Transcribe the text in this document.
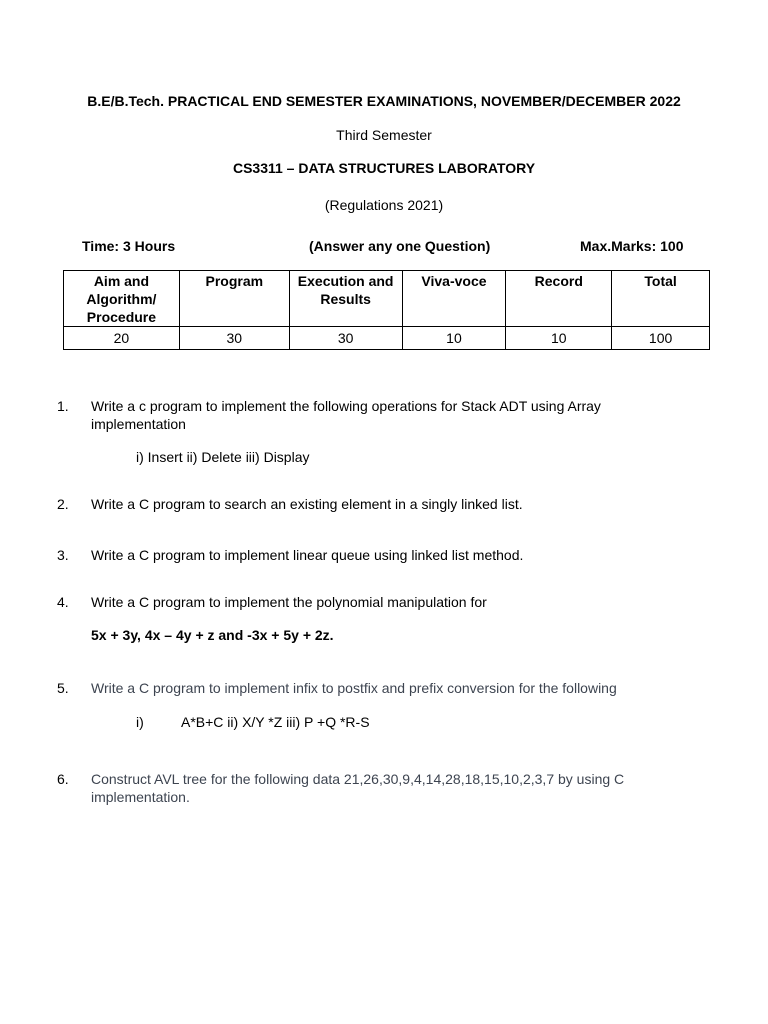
B.E/B.Tech. PRACTICAL END SEMESTER EXAMINATIONS, NOVEMBER/DECEMBER 2022
Third Semester
CS3311 – DATA STRUCTURES LABORATORY
(Regulations 2021)
Time: 3 Hours	(Answer any one Question)	Max.Marks: 100
Aim and Algorithm/ Procedure	Program	Execution and Results	Viva-voce	Record	Total
20	30	30	10	10	100
1. Write a c program to implement the following operations for Stack ADT using Array implementation
i) Insert ii) Delete iii) Display
2. Write a C program to search an existing element in a singly linked list.
3. Write a C program to implement linear queue using linked list method.
4. Write a C program to implement the polynomial manipulation for
5x + 3y, 4x – 4y + z and -3x + 5y + 2z.
5. Write a C program to implement infix to postfix and prefix conversion for the following
i)	A*B+C ii) X/Y *Z iii) P +Q *R-S
6. Construct AVL tree for the following data 21,26,30,9,4,14,28,18,15,10,2,3,7 by using C implementation.
